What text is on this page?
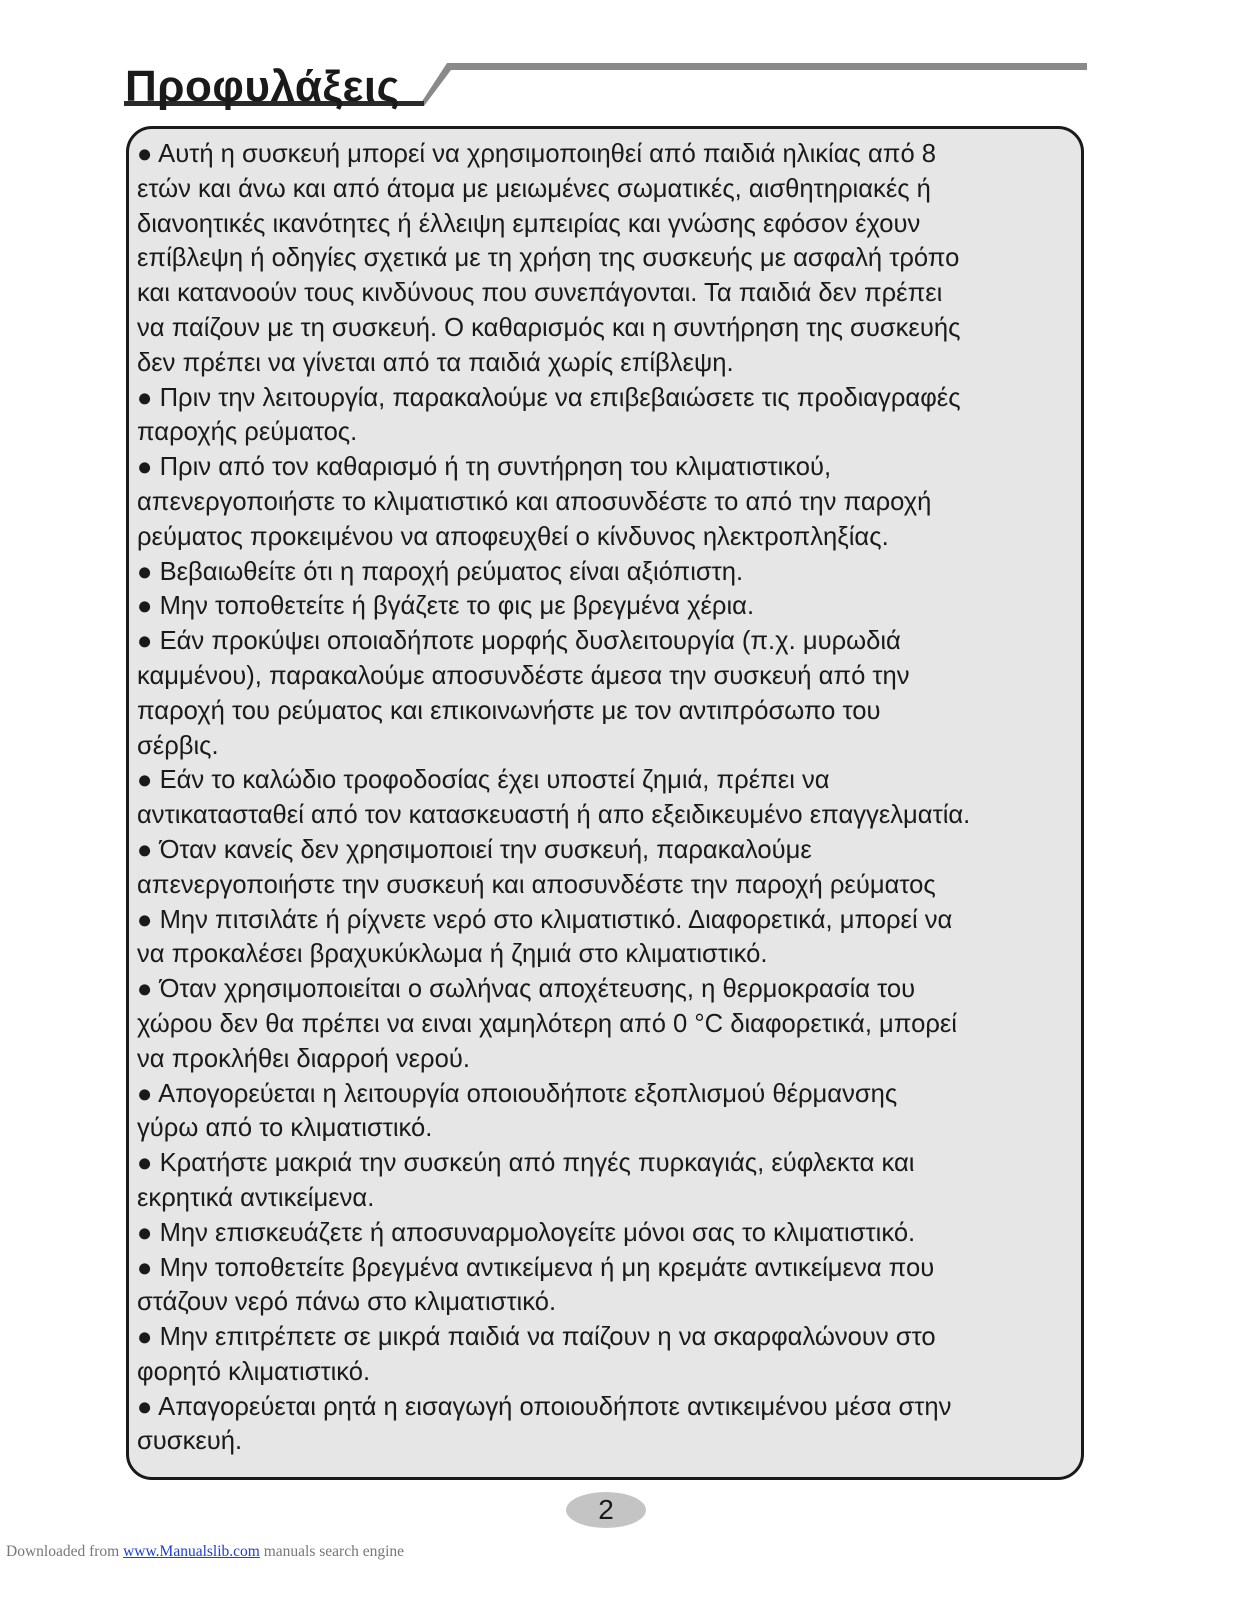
Προφυλάξεις
● Αυτή η συσκευή μπορεί να χρησιμοποιηθεί από παιδιά ηλικίας από 8
ετών και άνω και από άτομα με μειωμένες σωματικές, αισθητηριακές ή
διανοητικές ικανότητες ή έλλειψη εμπειρίας και γνώσης εφόσον έχουν
επίβλεψη ή οδηγίες σχετικά με τη χρήση της συσκευής με ασφαλή τρόπο
και κατανοούν τους κινδύνους που συνεπάγονται. Τα παιδιά δεν πρέπει
να παίζουν με τη συσκευή. Ο καθαρισμός και η συντήρηση της συσκευής
δεν πρέπει να γίνεται από τα παιδιά χωρίς επίβλεψη.
● Πριν την λειτουργία, παρακαλούμε να επιβεβαιώσετε τις προδιαγραφές
παροχής ρεύματος.
● Πριν από τον καθαρισμό ή τη συντήρηση του κλιματιστικού,
απενεργοποιήστε το κλιματιστικό και αποσυνδέστε το από την παροχή
ρεύματος προκειμένου να αποφευχθεί ο κίνδυνος ηλεκτροπληξίας.
● Βεβαιωθείτε ότι η παροχή ρεύματος είναι αξιόπιστη.
● Μην τοποθετείτε ή βγάζετε το φις με βρεγμένα χέρια.
● Εάν προκύψει οποιαδήποτε μορφής δυσλειτουργία (π.χ. μυρωδιά
καμμένου), παρακαλούμε αποσυνδέστε άμεσα την συσκευή από την
παροχή του ρεύματος και επικοινωνήστε με τον αντιπρόσωπο του
σέρβις.
● Εάν το καλώδιο τροφοδοσίας έχει υποστεί ζημιά, πρέπει να
αντικατασταθεί από τον κατασκευαστή ή απο εξειδικευμένο επαγγελματία.
● Όταν κανείς δεν χρησιμοποιεί την συσκευή, παρακαλούμε
απενεργοποιήστε την συσκευή και αποσυνδέστε την παροχή ρεύματος
● Μην πιτσιλάτε ή ρίχνετε νερό στο κλιματιστικό. Διαφορετικά, μπορεί να
να προκαλέσει βραχυκύκλωμα ή ζημιά στο κλιματιστικό.
● Όταν χρησιμοποιείται ο σωλήνας αποχέτευσης, η θερμοκρασία του
χώρου δεν θα πρέπει να ειναι χαμηλότερη από 0 °C διαφορετικά, μπορεί
να προκλήθει διαρροή νερού.
● Απογορεύεται η λειτουργία οποιουδήποτε εξοπλισμού θέρμανσης
γύρω από το κλιματιστικό.
● Κρατήστε μακριά την συσκεύη από πηγές πυρκαγιάς, εύφλεκτα και
εκρητικά αντικείμενα.
● Μην επισκευάζετε ή αποσυναρμολογείτε μόνοι σας το κλιματιστικό.
● Μην τοποθετείτε βρεγμένα αντικείμενα ή μη κρεμάτε αντικείμενα που
στάζουν νερό πάνω στο κλιματιστικό.
● Μην επιτρέπετε σε μικρά παιδιά να παίζουν η να σκαρφαλώνουν στο
φορητό κλιματιστικό.
● Απαγορεύεται ρητά η εισαγωγή οποιουδήποτε αντικειμένου μέσα στην
συσκευή.
2
Downloaded from www.Manualslib.com manuals search engine
